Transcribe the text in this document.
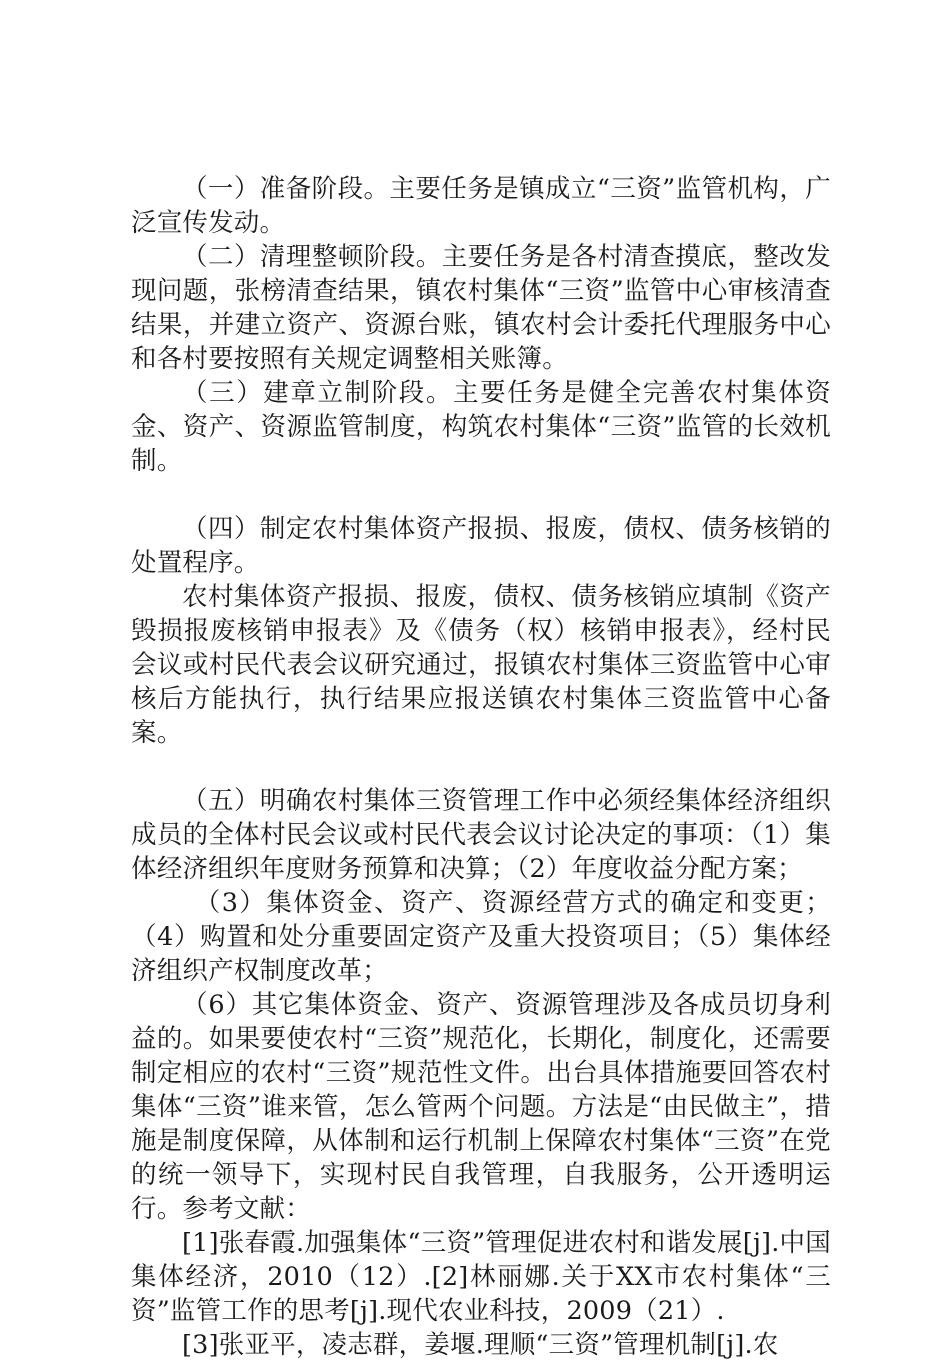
（一）准备阶段。主要任务是镇成立“三资”监管机构，广泛宣传发动。

（二）清理整顿阶段。主要任务是各村清查摸底，整改发现问题，张榜清查结果，镇农村集体“三资”监管中心审核清查结果，并建立资产、资源台账，镇农村会计委托代理服务中心和各村要按照有关规定调整相关账簿。

（三）建章立制阶段。主要任务是健全完善农村集体资金、资产、资源监管制度，构筑农村集体“三资”监管的长效机制。

（四）制定农村集体资产报损、报废，债权、债务核销的处置程序。

农村集体资产报损、报废，债权、债务核销应填制《资产毁损报废核销申报表》及《债务（权）核销申报表》，经村民会议或村民代表会议研究通过，报镇农村集体三资监管中心审核后方能执行，执行结果应报送镇农村集体三资监管中心备案。

（五）明确农村集体三资管理工作中必须经集体经济组织成员的全体村民会议或村民代表会议讨论决定的事项：（1）集体经济组织年度财务预算和决算；（2）年度收益分配方案；

（3）集体资金、资产、资源经营方式的确定和变更；（4）购置和处分重要固定资产及重大投资项目；（5）集体经济组织产权制度改革；

（6）其它集体资金、资产、资源管理涉及各成员切身利益的。如果要使农村“三资”规范化，长期化，制度化，还需要制定相应的农村“三资”规范性文件。出台具体措施要回答农村集体“三资”谁来管，怎么管两个问题。方法是“由民做主”，措施是制度保障，从体制和运行机制上保障农村集体“三资”在党的统一领导下，实现村民自我管理，自我服务，公开透明运行。参考文献：

[1]张春霞.加强集体“三资”管理促进农村和谐发展[j].中国集体经济，2010（12）.[2]林丽娜.关于XX市农村集体“三资”监管工作的思考[j].现代农业科技，2009（21）.

[3]张亚平，凌志群，姜堰.理顺“三资”管理机制[j].农
